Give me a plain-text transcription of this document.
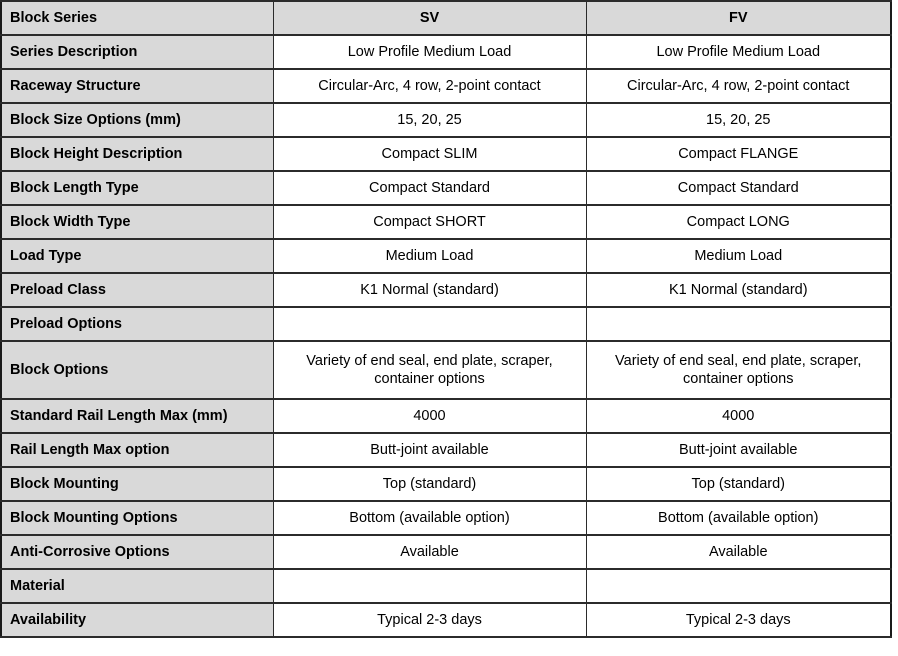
Block Series	SV	FV
Series Description	Low Profile Medium Load	Low Profile Medium Load
Raceway Structure	Circular-Arc, 4 row, 2-point contact	Circular-Arc, 4 row, 2-point contact
Block Size Options (mm)	15, 20, 25	15, 20, 25
Block Height Description	Compact SLIM	Compact FLANGE
Block Length Type	Compact Standard	Compact Standard
Block Width Type	Compact SHORT	Compact LONG
Load Type	Medium Load	Medium Load
Preload Class	K1 Normal (standard)	K1 Normal (standard)
Preload Options		
Block Options	Variety of end seal, end plate, scraper, container options	Variety of end seal, end plate, scraper, container options
Standard Rail Length Max (mm)	4000	4000
Rail Length Max option	Butt-joint available	Butt-joint available
Block Mounting	Top (standard)	Top (standard)
Block Mounting Options	Bottom (available option)	Bottom (available option)
Anti-Corrosive Options	Available	Available
Material		
Availability	Typical 2-3 days	Typical 2-3 days
